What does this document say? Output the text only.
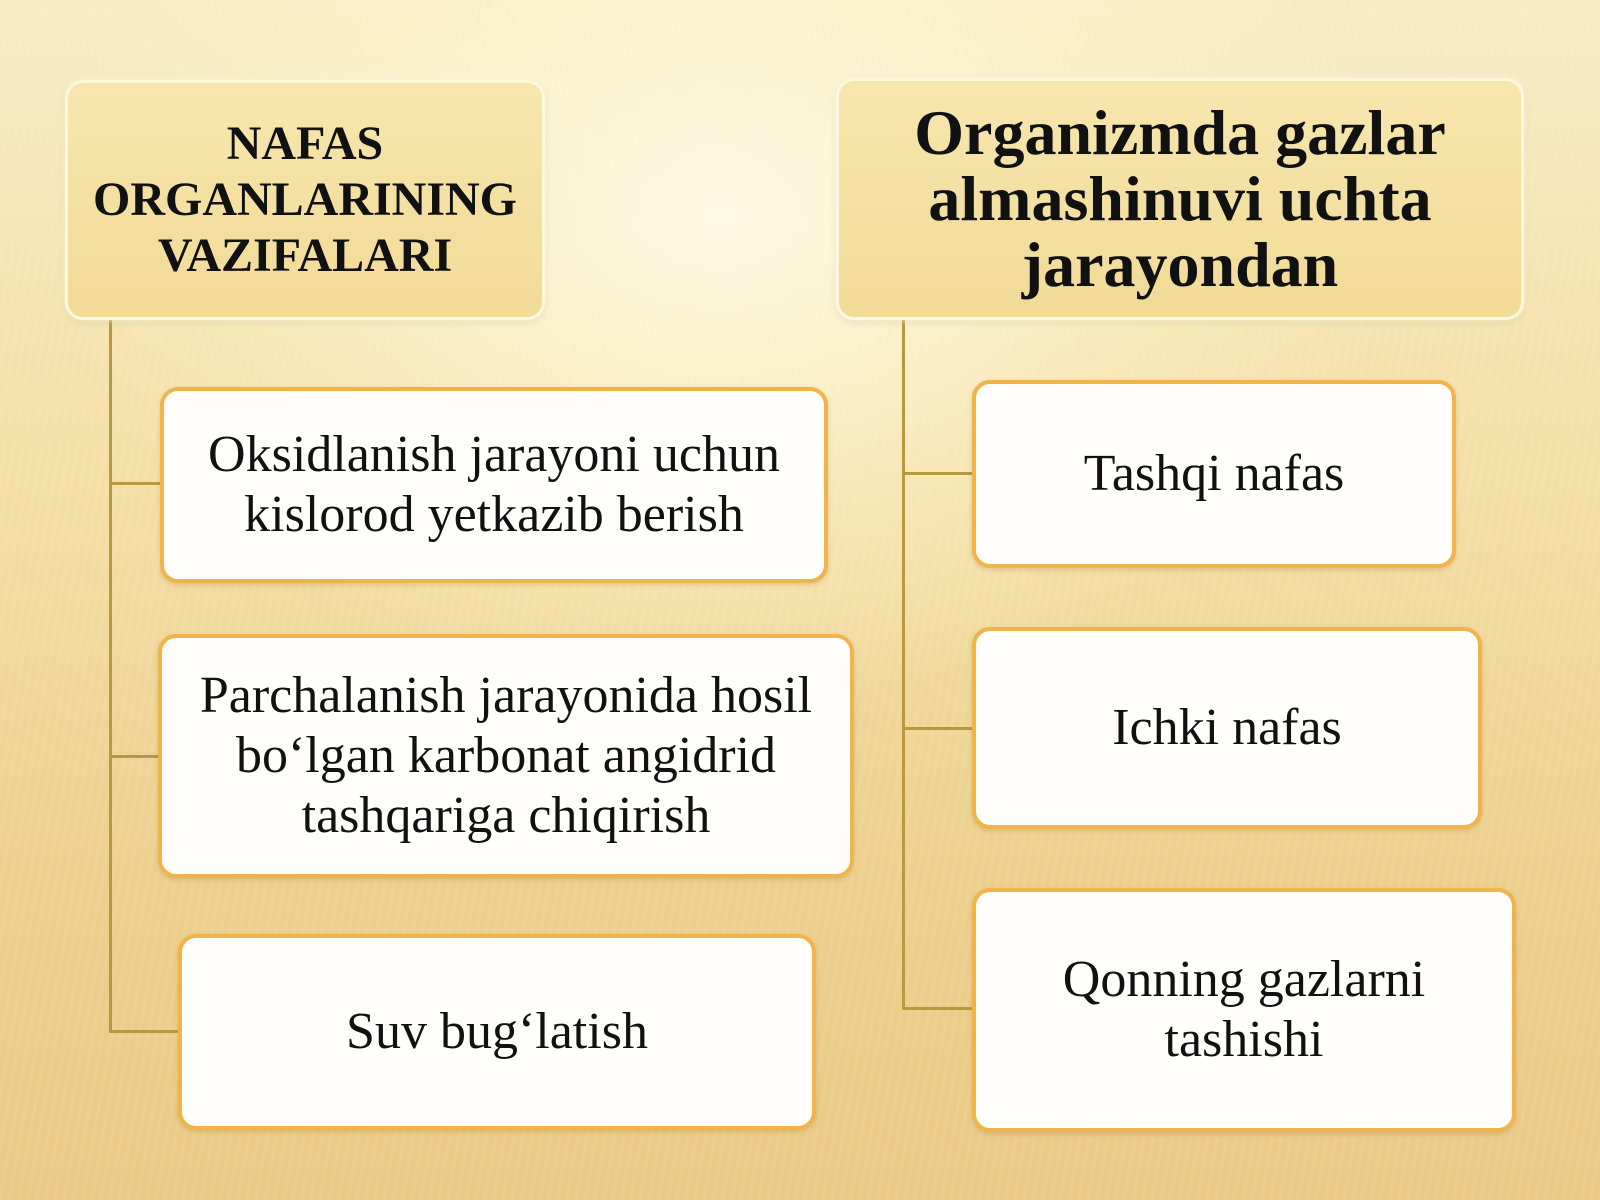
NAFAS
ORGANLARINING
VAZIFALARI
Organizmda gazlar
almashinuvi uchta
jarayondan
Oksidlanish jarayoni uchun
kislorod yetkazib berish
Parchalanish jarayonida hosil
bo‘lgan karbonat angidrid
tashqariga chiqirish
Suv bug‘latish
Tashqi nafas
Ichki nafas
Qonning gazlarni
tashishi
